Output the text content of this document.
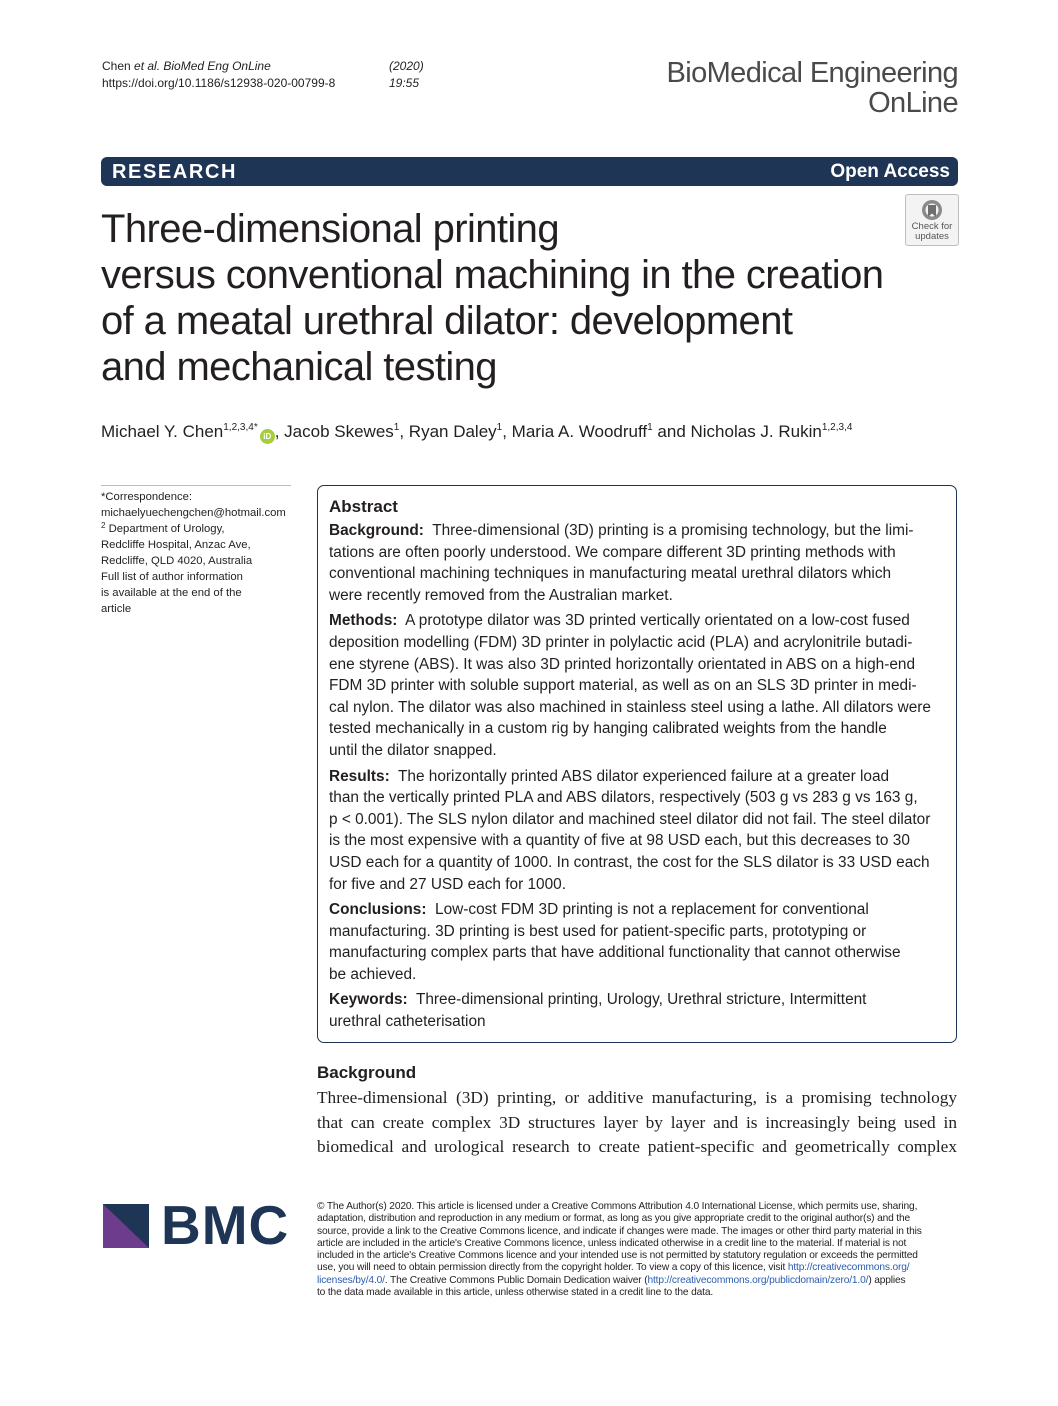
Chen et al. BioMed Eng OnLine	(2020) 19:55
https://doi.org/10.1186/s12938-020-00799-8	BioMedical Engineering
OnLine
RESEARCH	Open Access
Check for
updates
Three-dimensional printing
versus conventional machining in the creation
of a meatal urethral dilator: development
and mechanical testing
Michael Y. Chen$^{1,2,3,4*}$iD , Jacob Skewes$^1$, Ryan Daley$^1$, Maria A. Woodruff$^1$ and Nicholas J. Rukin$^{1,2,3,4}$
*Correspondence:
michaelyuechengchen@hotmail.com
$^2$ Department of Urology,
Redcliffe Hospital, Anzac Ave,
Redcliffe, QLD 4020, Australia
Full list of author information
is available at the end of the
article
Abstract
Background: Three-dimensional (3D) printing is a promising technology, but the limi-
tations are often poorly understood. We compare different 3D printing methods with
conventional machining techniques in manufacturing meatal urethral dilators which
were recently removed from the Australian market.
Methods: A prototype dilator was 3D printed vertically orientated on a low-cost fused
deposition modelling (FDM) 3D printer in polylactic acid (PLA) and acrylonitrile butadi-
ene styrene (ABS). It was also 3D printed horizontally orientated in ABS on a high-end
FDM 3D printer with soluble support material, as well as on an SLS 3D printer in medi-
cal nylon. The dilator was also machined in stainless steel using a lathe. All dilators were
tested mechanically in a custom rig by hanging calibrated weights from the handle
until the dilator snapped.
Results: The horizontally printed ABS dilator experienced failure at a greater load
than the vertically printed PLA and ABS dilators, respectively (503 g vs 283 g vs 163 g,
p < 0.001). The SLS nylon dilator and machined steel dilator did not fail. The steel dilator
is the most expensive with a quantity of five at 98 USD each, but this decreases to 30
USD each for a quantity of 1000. In contrast, the cost for the SLS dilator is 33 USD each
for five and 27 USD each for 1000.
Conclusions: Low-cost FDM 3D printing is not a replacement for conventional
manufacturing. 3D printing is best used for patient-specific parts, prototyping or
manufacturing complex parts that have additional functionality that cannot otherwise
be achieved.
Keywords: Three-dimensional printing, Urology, Urethral stricture, Intermittent
urethral catheterisation
Background
Three-dimensional (3D) printing, or additive manufacturing, is a promising technology
that can create complex 3D structures layer by layer and is increasingly being used in
biomedical and urological research to create patient-specific and geometrically complex
BMC	© The Author(s) 2020. This article is licensed under a Creative Commons Attribution 4.0 International License, which permits use, sharing,
adaptation, distribution and reproduction in any medium or format, as long as you give appropriate credit to the original author(s) and the
source, provide a link to the Creative Commons licence, and indicate if changes were made. The images or other third party material in this
article are included in the article's Creative Commons licence, unless indicated otherwise in a credit line to the material. If material is not
included in the article's Creative Commons licence and your intended use is not permitted by statutory regulation or exceeds the permitted
use, you will need to obtain permission directly from the copyright holder. To view a copy of this licence, visit http://creativecommons.org/
licenses/by/4.0/. The Creative Commons Public Domain Dedication waiver (http://creativecommons.org/publicdomain/zero/1.0/) applies
to the data made available in this article, unless otherwise stated in a credit line to the data.
